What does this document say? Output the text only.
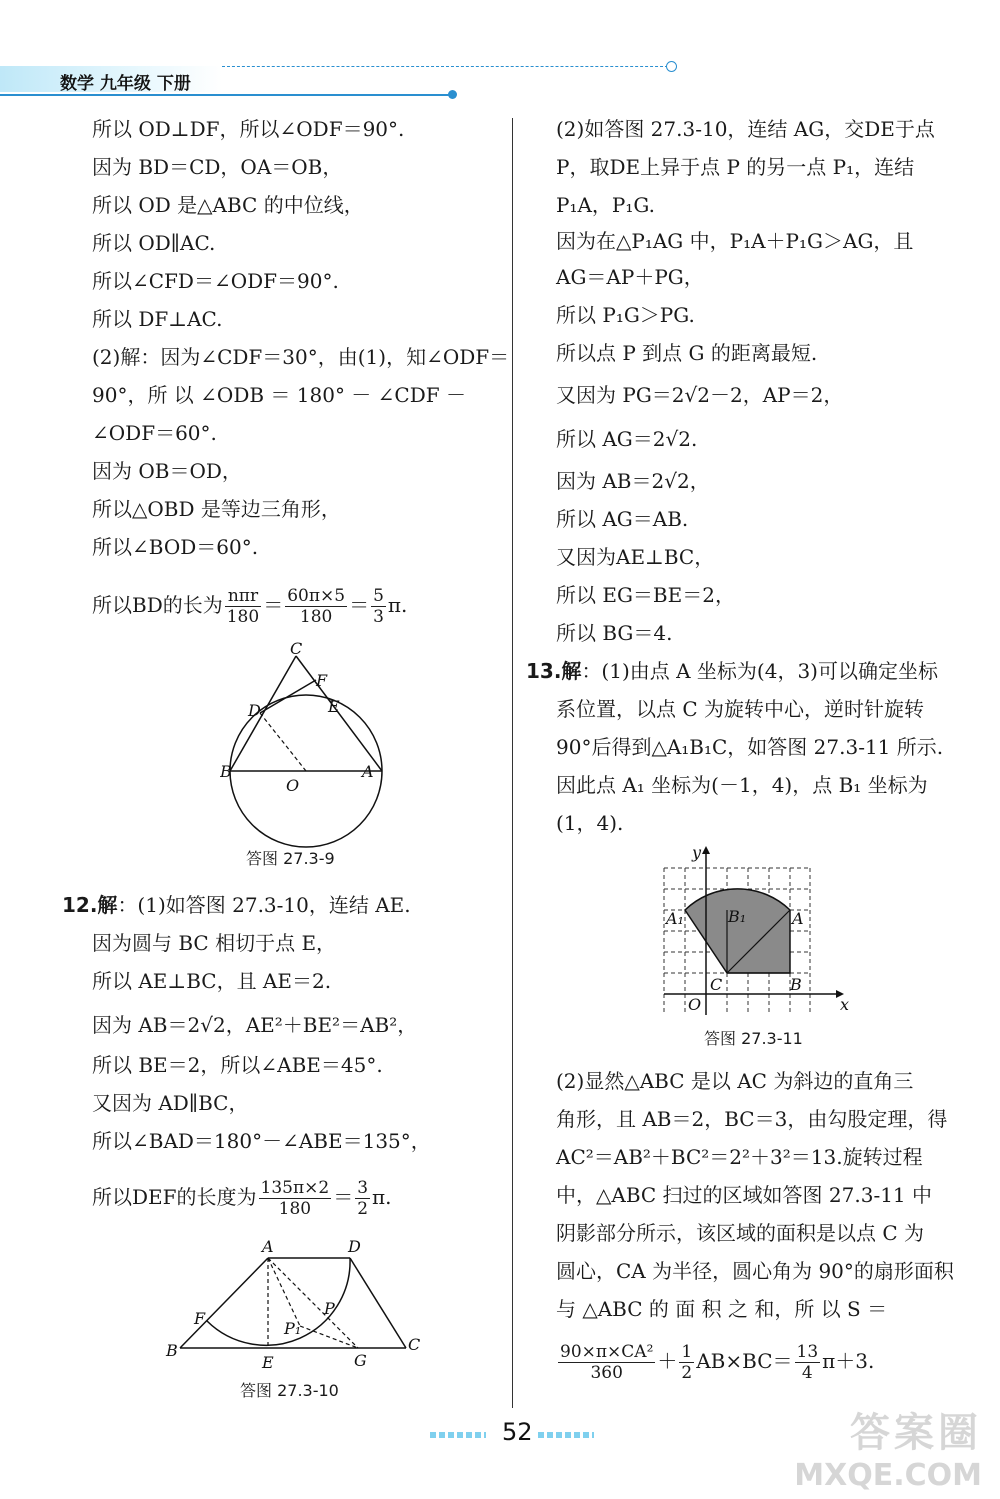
数学 九年级 下册
所以 OD⊥DF，所以∠ODF＝90°.
因为 BD＝CD，OA＝OB，
所以 OD 是△ABC 的中位线，
所以 OD∥AC.
所以∠CFD＝∠ODF＝90°.
所以 DF⊥AC.
(2)解：因为∠CDF＝30°，由(1)，知∠ODF＝
90°，所 以 ∠ODB ＝ 180° － ∠CDF －
∠ODF＝60°.
因为 OB＝OD，
所以△OBD 是等边三角形，
所以∠BOD＝60°.
所以BD的长为 $\frac{\text{nπr}}{180} = \frac{60\pi\times 5}{180} = \frac{5}{3} \pi$.
C
F
D	E
B
O
A
答图 27.3-9
12.解：(1)如答图 27.3-10，连结 AE.
因为圆与 BC 相切于点 E，
所以 AE⊥BC，且 AE＝2.
因为 AB＝2√2，AE²＋BE²＝AB²，
所以 BE＝2，所以∠ABE＝45°.
又因为 AD∥BC，
所以∠BAD＝180°－∠ABE＝135°，
所以DEF的长度为 $\frac{135\pi\times 2}{180} = \frac{3}{2} \pi$.
A	D
F
P
P₁
B
E	G
C
答图 27.3-10
(2)如答图 27.3-10，连结 AG，交DE于点
P，取DE上异于点 P 的另一点 P₁，连结
P₁A，P₁G.
因为在△P₁AG 中，P₁A＋P₁G＞AG，且
AG＝AP＋PG，
所以 P₁G＞PG.
所以点 P 到点 G 的距离最短.
又因为 PG＝2√2－2，AP＝2，
所以 AG＝2√2.
因为 AB＝2√2，
所以 AG＝AB.
又因为AE⊥BC，
所以 EG＝BE＝2，
所以 BG＝4.
13.解：(1)由点 A 坐标为(4，3)可以确定坐标
系位置，以点 C 为旋转中心，逆时针旋转
90°后得到△A₁B₁C，如答图 27.3-11 所示.
因此点 A₁ 坐标为(－1，4)，点 B₁ 坐标为
(1，4).
y
x
A₁	B₁	A
C	B
O
答图 27.3-11
(2)显然△ABC 是以 AC 为斜边的直角三
角形，且 AB＝2，BC＝3，由勾股定理，得
AC²＝AB²＋BC²＝2²＋3²＝13.旋转过程
中，△ABC 扫过的区域如答图 27.3-11 中
阴影部分所示，该区域的面积是以点 C 为
圆心，CA 为半径，圆心角为 90°的扇形面积
与 △ABC 的 面 积 之 和，所 以 S ＝
$\frac{\text{90×π×CA²}}{360} + \frac{1}{2} AB\times BC= \frac{13}{4} \pi+3$.
52	答案圈
MXQE.COM
